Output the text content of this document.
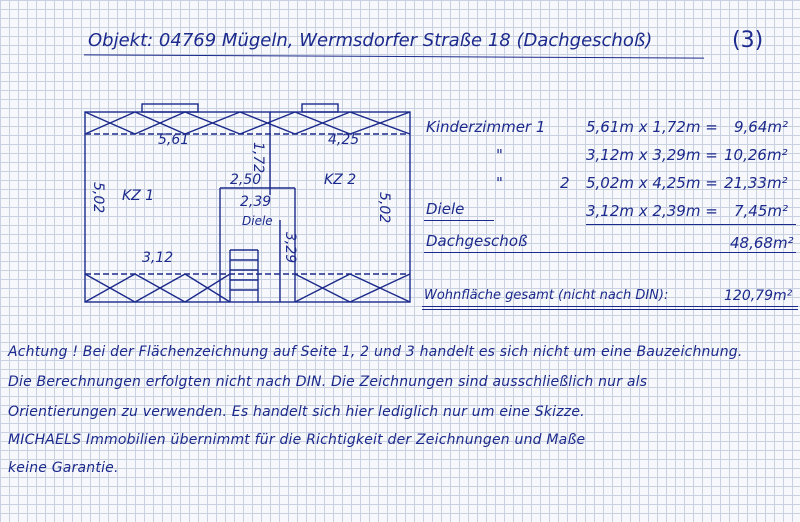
Objekt: 04769 Mügeln, Wermsdorfer Straße 18 (Dachgeschoß)	(3)
5,61	4,25
1,72
5,02	5,02
2,50
2,39
3,29
3,12
KZ 1
KZ 2
Diele
Kinderzimmer 1	5,61m x 1,72m = 9,64m²
"	3,12m x 3,29m = 10,26m²
"	2 5,02m x 4,25m = 21,33m²
Diele	3,12m x 2,39m = 7,45m²
Dachgeschoß	48,68m²
Wohnfläche gesamt (nicht nach DIN):	120,79m²
Achtung ! Bei der Flächenzeichnung auf Seite 1, 2 und 3 handelt es sich nicht um eine Bauzeichnung.
Die Berechnungen erfolgten nicht nach DIN. Die Zeichnungen sind ausschließlich nur als
Orientierungen zu verwenden. Es handelt sich hier lediglich nur um eine Skizze.
MICHAELS Immobilien übernimmt für die Richtigkeit der Zeichnungen und Maße
keine Garantie.
